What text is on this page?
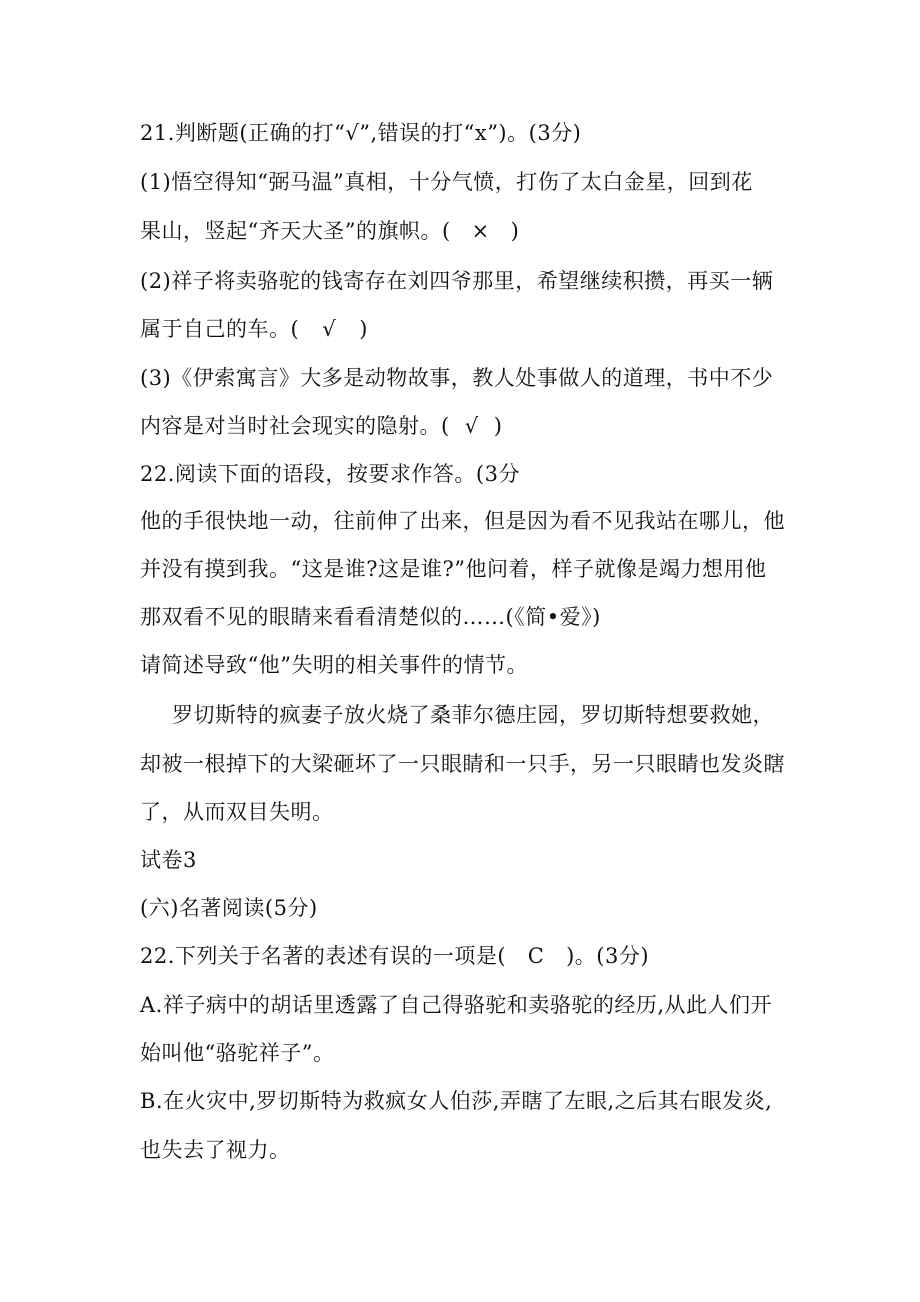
21.判断题(正确的打“√”,错误的打“x”)。(3分)
(1)悟空得知“弼马温”真相，十分气愤，打伤了太白金星，回到花
果山，竖起“齐天大圣”的旗帜。( × )
(2)祥子将卖骆驼的钱寄存在刘四爷那里，希望继续积攒，再买一辆
属于自己的车。( √ )
(3)《伊索寓言》大多是动物故事，教人处事做人的道理，书中不少
内容是对当时社会现实的隐射。( √ )
22.阅读下面的语段，按要求作答。(3分
他的手很快地一动，往前伸了出来，但是因为看不见我站在哪儿，他
并没有摸到我。“这是谁?这是谁?”他问着，样子就像是竭力想用他
那双看不见的眼睛来看看清楚似的……(《简•爱》)
请简述导致“他”失明的相关事件的情节。
罗切斯特的疯妻子放火烧了桑菲尔德庄园，罗切斯特想要救她，
却被一根掉下的大梁砸坏了一只眼睛和一只手，另一只眼睛也发炎瞎
了，从而双目失明。
试卷3
(六)名著阅读(5分)
22.下列关于名著的表述有误的一项是( C )。(3分)
A.祥子病中的胡话里透露了自己得骆驼和卖骆驼的经历,从此人们开
始叫他“骆驼祥子”。
B.在火灾中,罗切斯特为救疯女人伯莎,弄瞎了左眼,之后其右眼发炎,
也失去了视力。
